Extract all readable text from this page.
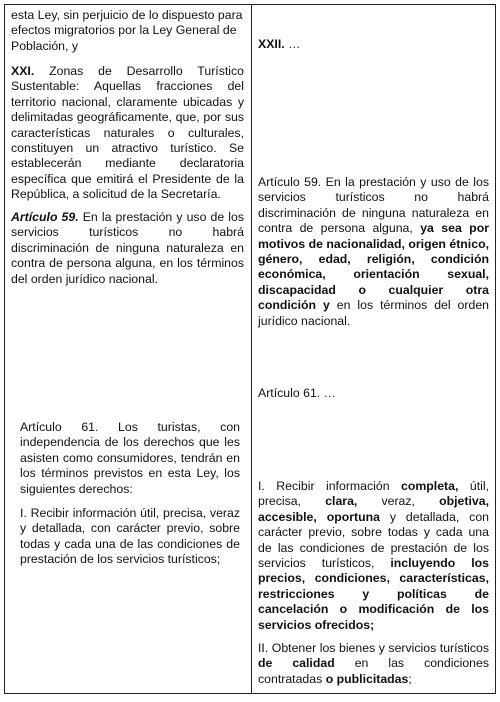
esta Ley, sin perjuicio de lo dispuesto para efectos migratorios por la Ley General de Población, y

XXI. Zonas de Desarrollo Turístico Sustentable: Aquellas fracciones del territorio nacional, claramente ubicadas y delimitadas geográficamente, que, por sus características naturales o culturales, constituyen un atractivo turístico. Se establecerán mediante declaratoria específica que emitirá el Presidente de la República, a solicitud de la Secretaría.

Artículo 59. En la prestación y uso de los servicios turísticos no habrá discriminación de ninguna naturaleza en contra de persona alguna, en los términos del orden jurídico nacional.

Artículo 61. Los turistas, con independencia de los derechos que les asisten como consumidores, tendrán en los términos previstos en esta Ley, los siguientes derechos:

I. Recibir información útil, precisa, veraz y detallada, con carácter previo, sobre todas y cada una de las condiciones de prestación de los servicios turísticos;

XXII. …

Artículo 59. En la prestación y uso de los servicios turísticos no habrá discriminación de ninguna naturaleza en contra de persona alguna, ya sea por motivos de nacionalidad, origen étnico, género, edad, religión, condición económica, orientación sexual, discapacidad o cualquier otra condición y en los términos del orden jurídico nacional.

Artículo 61. …

I. Recibir información completa, útil, precisa, clara, veraz, objetiva, accesible, oportuna y detallada, con carácter previo, sobre todas y cada una de las condiciones de prestación de los servicios turísticos, incluyendo los precios, condiciones, características, restricciones y políticas de cancelación o modificación de los servicios ofrecidos;

II. Obtener los bienes y servicios turísticos de calidad en las condiciones contratadas o publicitadas;
